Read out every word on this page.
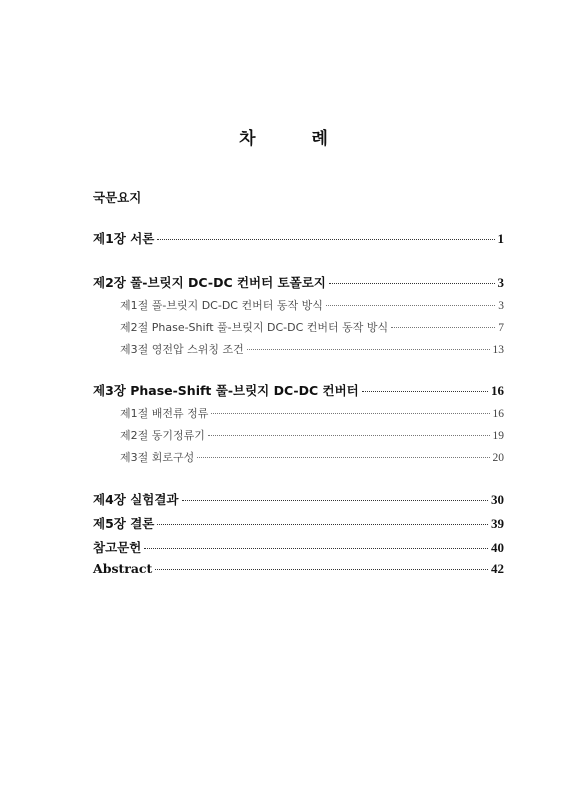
차	례
국문요지
제1장 서론	1
제2장 풀-브릿지 DC-DC 컨버터 토폴로지	3
제1절 풀-브릿지 DC-DC 컨버터 동작 방식	3
제2절 Phase-Shift 풀-브릿지 DC-DC 컨버터 동작 방식	7
제3절 영전압 스위칭 조건	13
제3장 Phase-Shift 풀-브릿지 DC-DC 컨버터	16
제1절 배전류 정류	16
제2절 동기정류기	19
제3절 회로구성	20
제4장 실험결과	30
제5장 결론	39
참고문헌	40
Abstract	42
